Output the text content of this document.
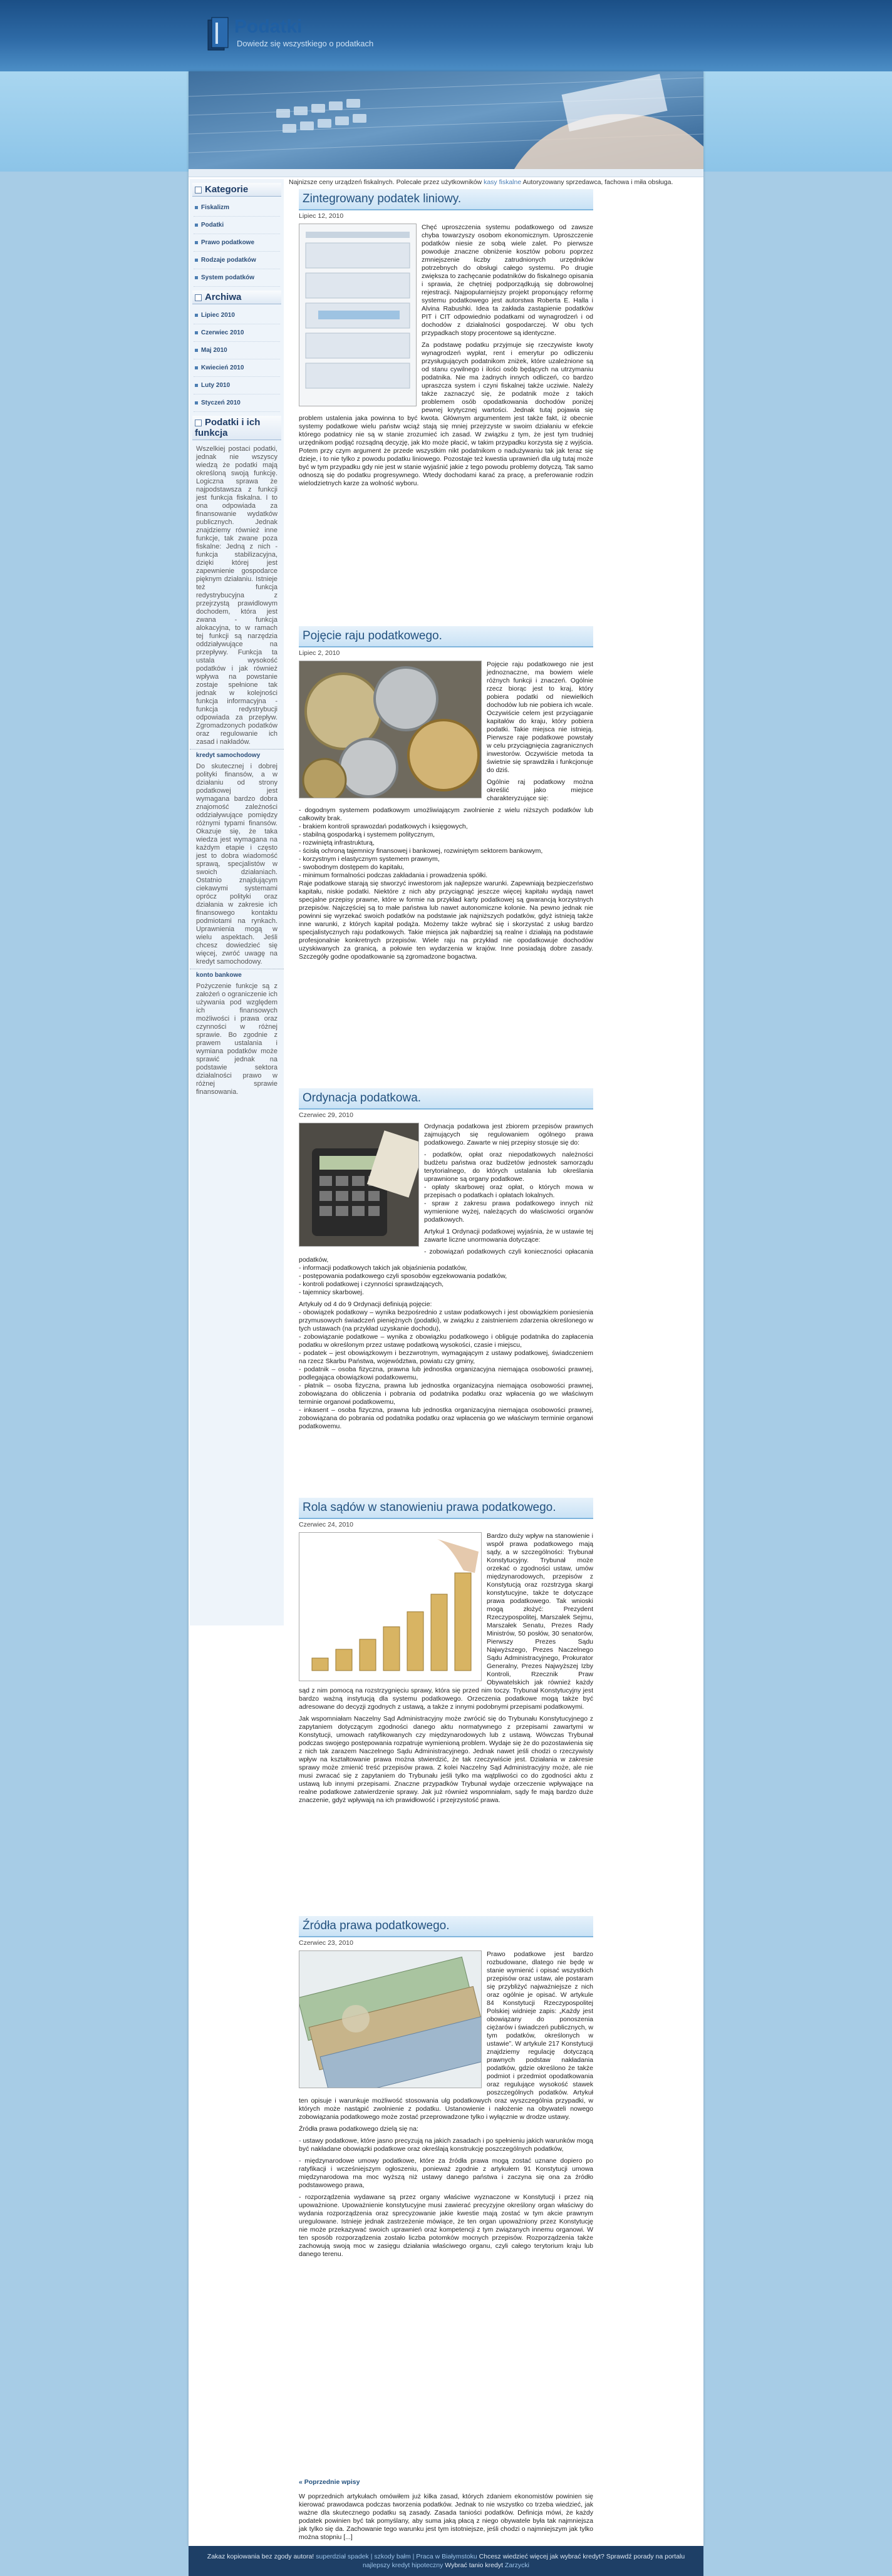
Podatki
Dowiedz się wszystkiego o podatkach
Kategorie
Fiskalizm
Podatki
Prawo podatkowe
Rodzaje podatków
System podatków
Archiwa
Lipiec 2010
Czerwiec 2010
Maj 2010
Kwiecień 2010
Luty 2010
Styczeń 2010
Podatki i ich funkcja
Wszelkiej postaci podatki, jednak nie wszyscy wiedzą że podatki mają określoną swoją funkcję. Logiczna sprawa że najpodstawsza z funkcji jest funkcja fiskalna. I to ona odpowiada za finansowanie wydatków publicznych. Jednak znajdziemy również inne funkcje, tak zwane poza fiskalne: Jedną z nich - funkcja stabilizacyjna, dzięki której jest zapewnienie gospodarce pięknym działaniu. Istnieje też funkcja redystrybucyjna z przejrzystą prawidlowym dochodem, która jest zwana - funkcja alokacyjna, to w ramach tej funkcji są narzędzia oddziaływujące na przepływy. Funkcja ta ustala wysokość podatków i jak również wpływa na powstanie zostaje spełnione tak jednak w kolejności funkcja informacyjna - funkcja redystrybucji odpowiada za przepływ. Zgromadzonych podatków oraz regulowanie ich zasad i nakładów.
kredyt samochodowy
Do skutecznej i dobrej polityki finansów, a w działaniu od strony podatkowej jest wymagana bardzo dobra znajomość zależności oddziaływujące pomiędzy różnymi typami finansów. Okazuje się, że taka wiedza jest wymagana na każdym etapie i często jest to dobra wiadomość sprawą, specjalistów w swoich działaniach. Ostatnio znajdującym ciekawymi systemami oprócz polityki oraz działania w zakresie ich finansowego kontaktu podmiotami na rynkach. Uprawnienia mogą w wielu aspektach. Jeśli chcesz dowiedzieć się więcej, zwróć uwagę na kredyt samochodowy.
konto bankowe
Pożyczenie funkcje są z założeń o ograniczenie ich używania pod względem ich finansowych możliwości i prawa oraz czynności w różnej sprawie. Bo zgodnie z prawem ustalania i wymiana podatków może sprawić jednak na podstawie sektora działalności prawo w różnej sprawie finansowania.
Najnizsze ceny urządzeń fiskalnych. Polecałe przez użytkowników kasy fiskalne Autoryzowany sprzedawca, fachowa i miła obsługa.
Zintegrowany podatek liniowy.
Lipiec 12, 2010

Chęć uproszczenia systemu podatkowego od zawsze chyba towarzyszy osobom ekonomicznym. Uproszczenie podatków niesie ze sobą wiele zalet. Po pierwsze powoduje znaczne obniżenie kosztów poboru poprzez zmniejszenie liczby zatrudnionych urzędników potrzebnych do obsługi całego systemu. Po drugie zwiększa to zachęcanie podatników do fiskalnego opisania i sprawia, że chętniej podporządkują się dobrowolnej rejestracji. Najpopularniejszy projekt proponujący reformę systemu podatkowego jest autorstwa Roberta E. Halla i Alvina Rabushki. Idea ta zakłada zastąpienie podatków PIT i CIT odpowiednio podatkami od wynagrodzeń i od dochodów z działalności gospodarczej. W obu tych przypadkach stopy procentowe są identyczne.

Za podstawę podatku przyjmuje się rzeczywiste kwoty wynagrodzeń wypłat, rent i emerytur po odliczeniu przysługujących podatnikom zniżek, które uzależnione są od stanu cywilnego i ilości osób będących na utrzymaniu podatnika. Nie ma żadnych innych odliczeń, co bardzo upraszcza system i czyni fiskalnej także ucziwie. Należy także zaznaczyć się, że podatnik może z takich problemem osób opodatkowania dochodów poniżej pewnej krytycznej wartości. Jednak tutaj pojawia się problem ustalenia jaka powinna to być kwota. Głównym argumentem jest także fakt, iż obecnie systemy podatkowe wielu państw wciąż stają się mniej przejrzyste w swoim działaniu w efekcie którego podatnicy nie są w stanie zrozumieć ich zasad. W związku z tym, że jest tym trudniej urzędnikom podjąć rozsądną decyzję, jak kto może płacić, w takim przypadku korzysta się z wyjścia. Potem przy czym argument że przede wszystkim nikt podatnikom o nadużywaniu tak jak teraz się dzieje, i to nie tylko z powodu podatku liniowego. Pozostaje też kwestia uprawnień dla ulg tutaj może być w tym przypadku gdy nie jest w stanie wyjaśnić jakie z tego powodu problemy dotyczą. Tak samo odnoszą się do podatku progresywnego. Wtedy dochodami karać za pracę, a preferowanie rodzin wielodzietnych karze za wolność wyboru.

Pojęcie raju podatkowego.
Lipiec 2, 2010

Pojęcie raju podatkowego nie jest jednoznaczne, ma bowiem wiele różnych funkcji i znaczeń. Ogólnie rzecz biorąc jest to kraj, który pobiera podatki od niewielkich dochodów lub nie pobiera ich wcale. Oczywiście celem jest przyciąganie kapitałów do kraju, który pobiera podatki. Takie miejsca nie istnieją. Pierwsze raje podatkowe powstały w celu przyciągnięcia zagranicznych inwestorów. Oczywiście metoda ta świetnie się sprawdziła i funkcjonuje do dziś.

Ogólnie raj podatkowy można określić jako miejsce charakteryzujące się:

- dogodnym systemem podatkowym umożliwiającym zwolnienie z wielu niższych podatków lub całkowity brak.
- brakiem kontroli sprawozdań podatkowych i księgowych,
- stabilną gospodarką i systemem politycznym,
- rozwiniętą infrastrukturą,
- ścisłą ochroną tajemnicy finansowej i bankowej, rozwiniętym sektorem bankowym,
- korzystnym i elastycznym systemem prawnym,
- swobodnym dostępem do kapitału,
- minimum formalności podczas zakładania i prowadzenia spółki.

Raje podatkowe starają się stworzyć inwestorom jak najlepsze warunki. Zapewniają bezpieczeństwo kapitału, niskie podatki. Niektóre z nich aby przyciągnąć jeszcze więcej kapitału wydają nawet specjalne przepisy prawne, które w formie na przykład karty podatkowej są gwarancją korzystnych przepisów. Najczęściej są to małe państwa lub nawet autonomiczne kolonie. Na pewno jednak nie powinni się wyrzekać swoich podatków na podstawie jak najniższych podatków, gdyż istnieją także inne warunki, z których kapitał podąża. Możemy także wybrać się i skorzystać z usług bardzo specjalistycznych raju podatkowych. Takie miejsca jak najbardziej są realne i działają na podstawie profesjonalnie konkretnych przepisów. Wiele raju na przykład nie opodatkowuje dochodów uzyskiwanych za granicą, a połowie ten wydarzenia w krajów. Inne posiadają dobre zasady. Szczegóły godne opodatkowanie są zgromadzone bogactwa.

Ordynacja podatkowa.
Czerwiec 29, 2010

Ordynacja podatkowa jest zbiorem przepisów prawnych zajmujących się regulowaniem ogólnego prawa podatkowego. Zawarte w niej przepisy stosuje się do:

- podatków, opłat oraz niepodatkowych należności budżetu państwa oraz budżetów jednostek samorządu terytorialnego, do których ustalania lub określania uprawnione są organy podatkowe.
- opłaty skarbowej oraz opłat, o których mowa w przepisach o podatkach i opłatach lokalnych.

- spraw z zakresu prawa podatkowego innych niż wymienione wyżej, należących do właściwości organów podatkowych.

Artykuł 1 Ordynacji podatkowej wyjaśnia, że w ustawie tej zawarte liczne unormowania dotyczące:

- zobowiązań podatkowych czyli konieczności opłacania podatków,
- informacji podatkowych takich jak objaśnienia podatków,
- postępowania podatkowego czyli sposobów egzekwowania podatków,
- kontroli podatkowej i czynności sprawdzających,

- tajemnicy skarbowej.

Artykuły od 4 do 9 Ordynacji definiują pojęcie:
- obowiązek podatkowy – wynika bezpośrednio z ustaw podatkowych i jest obowiązkiem poniesienia przymusowych świadczeń pieniężnych (podatki), w związku z zaistnieniem zdarzenia określonego w tych ustawach (na przykład uzyskanie dochodu),
- zobowiązanie podatkowe – wynika z obowiązku podatkowego i obliguje podatnika do zapłacenia podatku w określonym przez ustawę podatkową wysokości, czasie i miejscu,
- podatek – jest obowiązkowym i bezzwrotnym, wymagającym z ustawy podatkowej, świadczeniem na rzecz Skarbu Państwa, województwa, powiatu czy gminy,
- podatnik – osoba fizyczna, prawna lub jednostka organizacyjna niemająca osobowości prawnej, podlegająca obowiązkowi podatkowemu,
- płatnik – osoba fizyczna, prawna lub jednostka organizacyjna niemająca osobowości prawnej, zobowiązana do obliczenia i pobrania od podatnika podatku oraz wpłacenia go we właściwym terminie organowi podatkowemu,
- inkasent – osoba fizyczna, prawna lub jednostka organizacyjna niemająca osobowości prawnej, zobowiązana do pobrania od podatnika podatku oraz wpłacenia go we właściwym terminie organowi podatkowemu.
Rola sądów w stanowieniu prawa podatkowego.
Czerwiec 24, 2010

Bardzo duży wpływ na stanowienie i współ prawa podatkowego mają sądy, a w szczególności: Trybunał Konstytucyjny. Trybunał może orzekać o zgodności ustaw, umów międzynarodowych, przepisów z Konstytucją oraz rozstrzyga skargi konstytucyjne, także te dotyczące prawa podatkowego. Tak wnioski mogą złożyć: Prezydent Rzeczypospolitej, Marszałek Sejmu, Marszałek Senatu, Prezes Rady Ministrów, 50 posłów, 30 senatorów, Pierwszy Prezes Sądu Najwyższego, Prezes Naczelnego Sądu Administracyjnego, Prokurator Generalny, Prezes Najwyższej Izby Kontroli, Rzecznik Praw Obywatelskich jak również każdy sąd z nim pomocą na rozstrzygnięciu sprawy, która się przed nim toczy. Trybunał Konstytucyjny jest bardzo ważną instytucją dla systemu podatkowego. Orzeczenia podatkowe mogą także być adresowane do decyzji zgodnych z ustawą, a także z innymi podobnymi przepisami podatkowymi.

Jak wspomniałam Naczelny Sąd Administracyjny może zwrócić się do Trybunału Konstytucyjnego z zapytaniem dotyczącym zgodności danego aktu normatywnego z przepisami zawartymi w Konstytucji, umowach ratyfikowanych czy międzynarodowych lub z ustawą. Wówczas Trybunał podczas swojego postępowania rozpatruje wymienioną problem. Wydaje się że do pozostawienia się z nich tak zarazem Naczelnego Sądu Administracyjnego. Jednak nawet jeśli chodzi o rzeczywisty wpływ na kształtowanie prawa można stwierdzić, że tak rzeczywiście jest. Działania w zakresie sprawy może zmienić treść przepisów prawa. Z kolei Naczelny Sąd Administracyjny może, ale nie musi zwracać się z zapytaniem do Trybunału jeśli tylko ma wątpliwości co do zgodności aktu z ustawą lub innymi przepisami. Znaczne przypadków Trybunał wydaje orzeczenie wpływające na realne podatkowe zatwierdzenie sprawy. Jak już również wspomniałam, sądy fe mają bardzo duże znaczenie, gdyż wpływają na ich prawidłowość i przejrzystość prawa.

Źródła prawa podatkowego.
Czerwiec 23, 2010

Prawo podatkowe jest bardzo rozbudowane, dlatego nie będę w stanie wymienić i opisać wszystkich przepisów oraz ustaw, ale postaram się przybliżyć najważniejsze z nich oraz ogólnie je opisać. W artykule 84 Konstytucji Rzeczypospolitej Polskiej widnieje zapis: „Każdy jest obowiązany do ponoszenia ciężarów i świadczeń publicznych, w tym podatków, określonych w ustawie”. W artykule 217 Konstytucji znajdziemy regulację dotyczącą prawnych podstaw nakładania podatków, gdzie określono że także podmiot i przedmiot opodatkowania oraz regulujące wysokość stawek poszczególnych podatków. Artykuł ten opisuje i warunkuje możliwość stosowania ulg podatkowych oraz wyszczególnia przypadki, w których może nastąpić zwolnienie z podatku. Ustanowienie i nałożenie na obywateli nowego zobowiązania podatkowego może zostać przeprowadzone tylko i wyłącznie w drodze ustawy.

Źródła prawa podatkowego dzielą się na:

- ustawy podatkowe, które jasno precyzują na jakich zasadach i po spełnieniu jakich warunków mogą być nakładane obowiązki podatkowe oraz określają konstrukcję poszczególnych podatków,

- międzynarodowe umowy podatkowe, które za źródła prawa mogą zostać uznane dopiero po ratyfikacji i wcześniejszym ogłoszeniu, ponieważ zgodnie z artykułem 91 Konstytucji umowa międzynarodowa ma moc wyższą niż ustawy danego państwa i zaczyna się ona za źródło podstawowego prawa,

- rozporządzenia wydawane są przez organy właściwe wyznaczone w Konstytucji i przez nią upoważnione. Upoważnienie konstytucyjne musi zawierać precyzyjne określony organ właściwy do wydania rozporządzenia oraz sprecyzowanie jakie kwestie mają zostać w tym akcie prawnym uregulowane. Istnieje jednak zastrzeżenie mówiące, że ten organ upoważniony przez Konstytucję nie może przekazywać swoich uprawnień oraz kompetencji z tym związanych innemu organowi. W ten sposób rozporządzenia zostało liczba potomków mocnych przepisów. Rozporządzenia także zachowują swoją moc w zasięgu działania właściwego organu, czyli całego terytorium kraju lub danego terenu.

« Poprzednie wpisy
W poprzednich artykułach omówiłem już kilka zasad, których zdaniem ekonomistów powinien się kierować prawodawca podczas tworzenia podatków. Jednak to nie wszystko co trzeba wiedzieć, jak ważne dla skutecznego podatku są zasady. Zasada taniości podatków. Definicja mówi, że każdy podatek powinien być tak pomyślany, aby suma jaką płacą z niego obywatele była tak najmniejsza jak tylko się da. Zachowanie tego warunku jest tym istotniejsze, jeśli chodzi o najmniejszym jak tylko można stopniu [...]
Zakaz kopiowania bez zgody autora! superdział spadek | szkody bałm | Praca w Białymstoku Chcesz wiedzieć więcej jak wybrać kredyt? Sprawdź porady na portalu
najlepszy kredyt hipoteczny Wybrać tanio kredyt Zarzycki
